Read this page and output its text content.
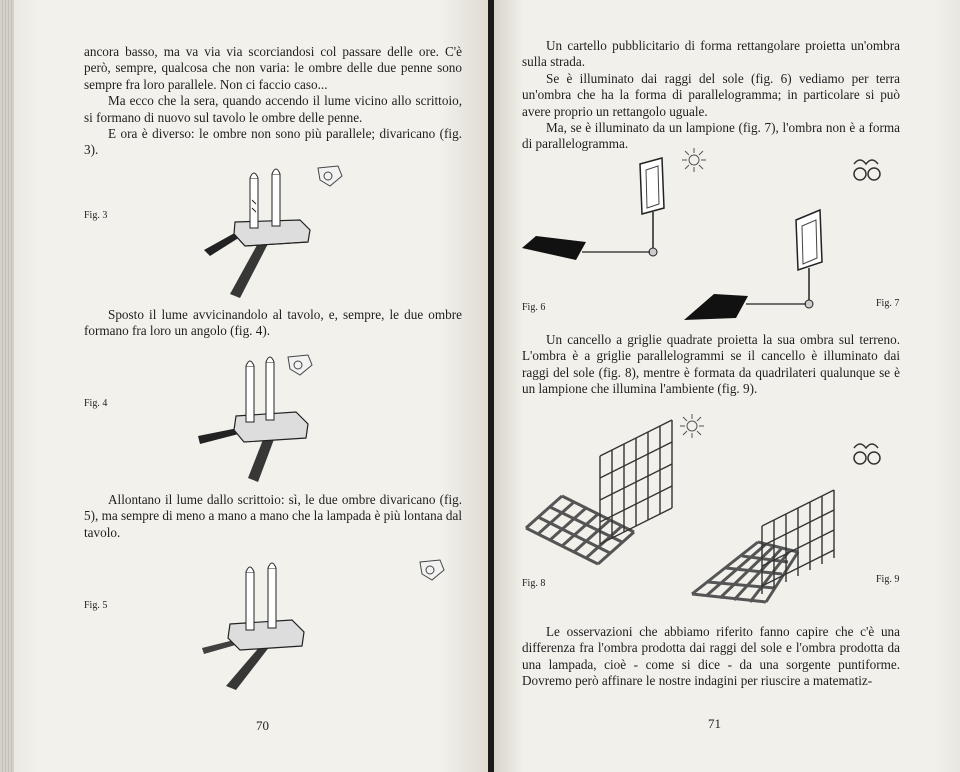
ancora basso, ma va via via scorciandosi col passare delle ore. C'è però, sempre, qualcosa che non varia: le ombre delle due penne sono sempre fra loro parallele. Non ci faccio caso...

Ma ecco che la sera, quando accendo il lume vicino allo scrittoio, si formano di nuovo sul tavolo le ombre delle penne.

E ora è diverso: le ombre non sono più parallele; divaricano (fig. 3).

Fig. 3

Sposto il lume avvicinandolo al tavolo, e, sempre, le due ombre formano fra loro un angolo (fig. 4).

Fig. 4

Allontano il lume dallo scrittoio: sì, le due ombre divaricano (fig. 5), ma sempre di meno a mano a mano che la lampada è più lontana dal tavolo.

Fig. 5
70

Un cartello pubblicitario di forma rettangolare proietta un'ombra sulla strada.

Se è illuminato dai raggi del sole (fig. 6) vediamo per terra un'ombra che ha la forma di parallelogramma; in particolare si può avere proprio un rettangolo uguale.

Ma, se è illuminato da un lampione (fig. 7), l'ombra non è a forma di parallelogramma.

Fig. 6	Fig. 7

Un cancello a griglie quadrate proietta la sua ombra sul terreno. L'ombra è a griglie parallelogrammi se il cancello è illuminato dai raggi del sole (fig. 8), mentre è formata da quadrilateri qualunque se è un lampione che illumina l'ambiente (fig. 9).

Fig. 8	Fig. 9

Le osservazioni che abbiamo riferito fanno capire che c'è una differenza fra l'ombra prodotta dai raggi del sole e l'ombra prodotta da una lampada, cioè - come si dice - da una sorgente puntiforme. Dovremo però affinare le nostre indagini per riuscire a matematiz-

71
